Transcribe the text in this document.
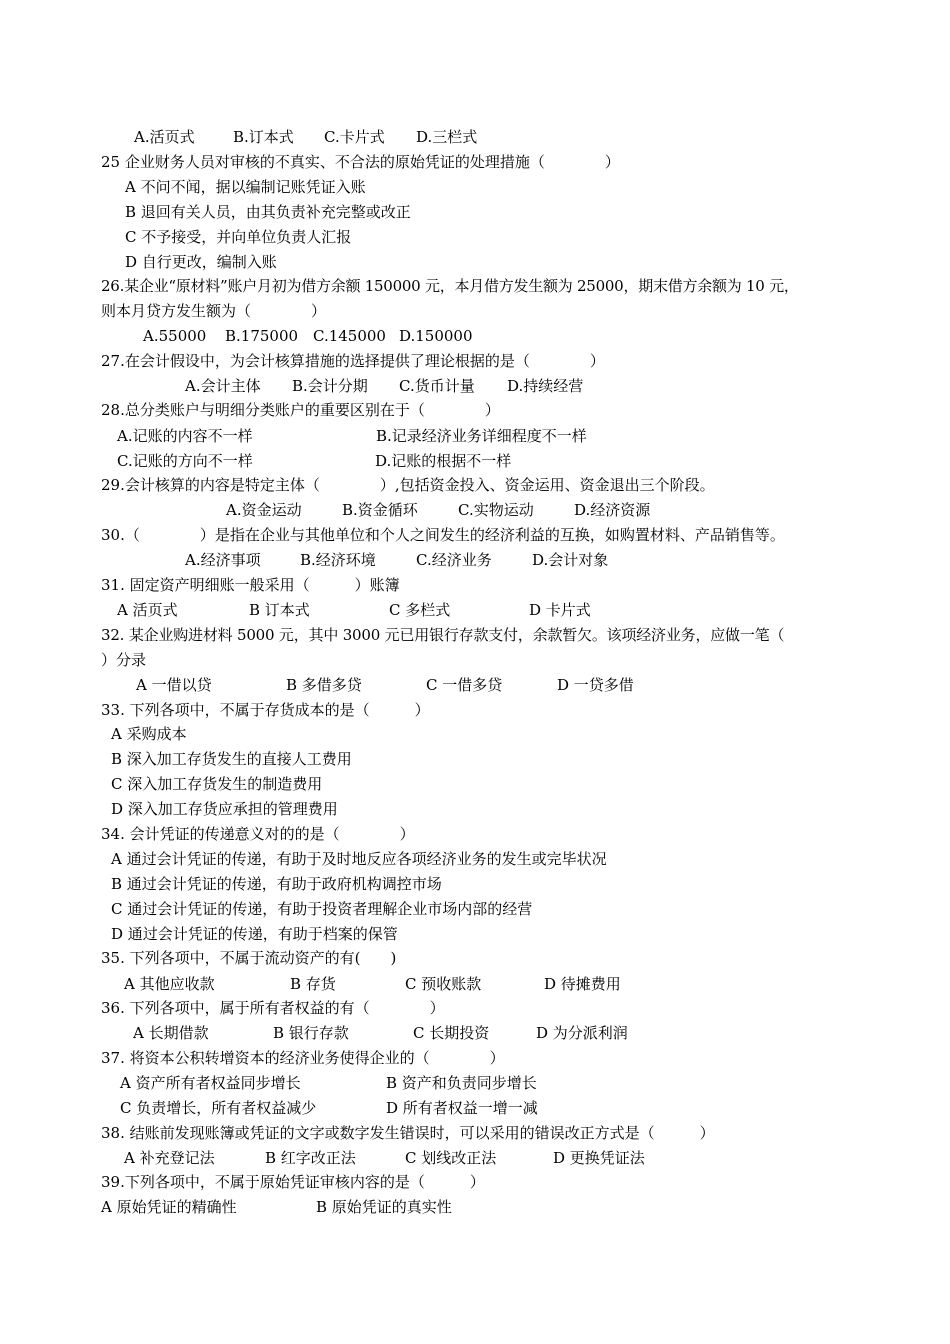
A.活页式	B.订本式 C.卡片式 D.三栏式
25 企业财务人员对审核的不真实、不合法的原始凭证的处理措施（　　　　）
A 不问不闻，据以编制记账凭证入账
B 退回有关人员，由其负责补充完整或改正
C 不予接受，并向单位负责人汇报
D 自行更改，编制入账
26.某企业“原材料”账户月初为借方余额 150000 元，本月借方发生额为 25000，期末借方余额为 10 元，
则本月贷方发生额为（　　　　）
A.55000 B.175000 C.145000 D.150000
27.在会计假设中，为会计核算措施的选择提供了理论根据的是（　　　　）
A.会计主体 B.会计分期 C.货币计量 D.持续经营
28.总分类账户与明细分类账户的重要区别在于（　　　　）
A.记账的内容不一样	B.记录经济业务详细程度不一样
C.记账的方向不一样	D.记账的根据不一样
29.会计核算的内容是特定主体（　　　　）,包括资金投入、资金运用、资金退出三个阶段。
A.资金运动	B.资金循环	C.实物运动	D.经济资源
30.（　　　　）是指在企业与其他单位和个人之间发生的经济利益的互换，如购置材料、产品销售等。
A.经济事项	B.经济环境	C.经济业务	D.会计对象
31. 固定资产明细账一般采用（　　　）账簿
A 活页式	B 订本式	C 多栏式	D 卡片式
32. 某企业购进材料 5000 元，其中 3000 元已用银行存款支付，余款暂欠。该项经济业务，应做一笔（
）分录
A 一借以贷	B 多借多贷	C 一借多贷	D 一贷多借
33. 下列各项中，不属于存货成本的是（　　　）
A 采购成本
B 深入加工存货发生的直接人工费用
C 深入加工存货发生的制造费用
D 深入加工存货应承担的管理费用
34. 会计凭证的传递意义对的的是（　　　　）
A 通过会计凭证的传递，有助于及时地反应各项经济业务的发生或完毕状况
B 通过会计凭证的传递，有助于政府机构调控市场
C 通过会计凭证的传递，有助于投资者理解企业市场内部的经营
D 通过会计凭证的传递，有助于档案的保管
35. 下列各项中，不属于流动资产的有(　　)
A 其他应收款	B 存货	C 预收账款	D 待摊费用
36. 下列各项中，属于所有者权益的有（　　　　）
A 长期借款	B 银行存款	C 长期投资	D 为分派利润
37. 将资本公积转增资本的经济业务使得企业的（　　　　）
A 资产所有者权益同步增长	B 资产和负责同步增长
C 负责增长，所有者权益减少	D 所有者权益一增一减
38. 结账前发现账簿或凭证的文字或数字发生错误时，可以采用的错误改正方式是（　　　）
A 补充登记法	B 红字改正法	C 划线改正法	D 更换凭证法
39.下列各项中，不属于原始凭证审核内容的是（　　　）
A 原始凭证的精确性	B 原始凭证的真实性
